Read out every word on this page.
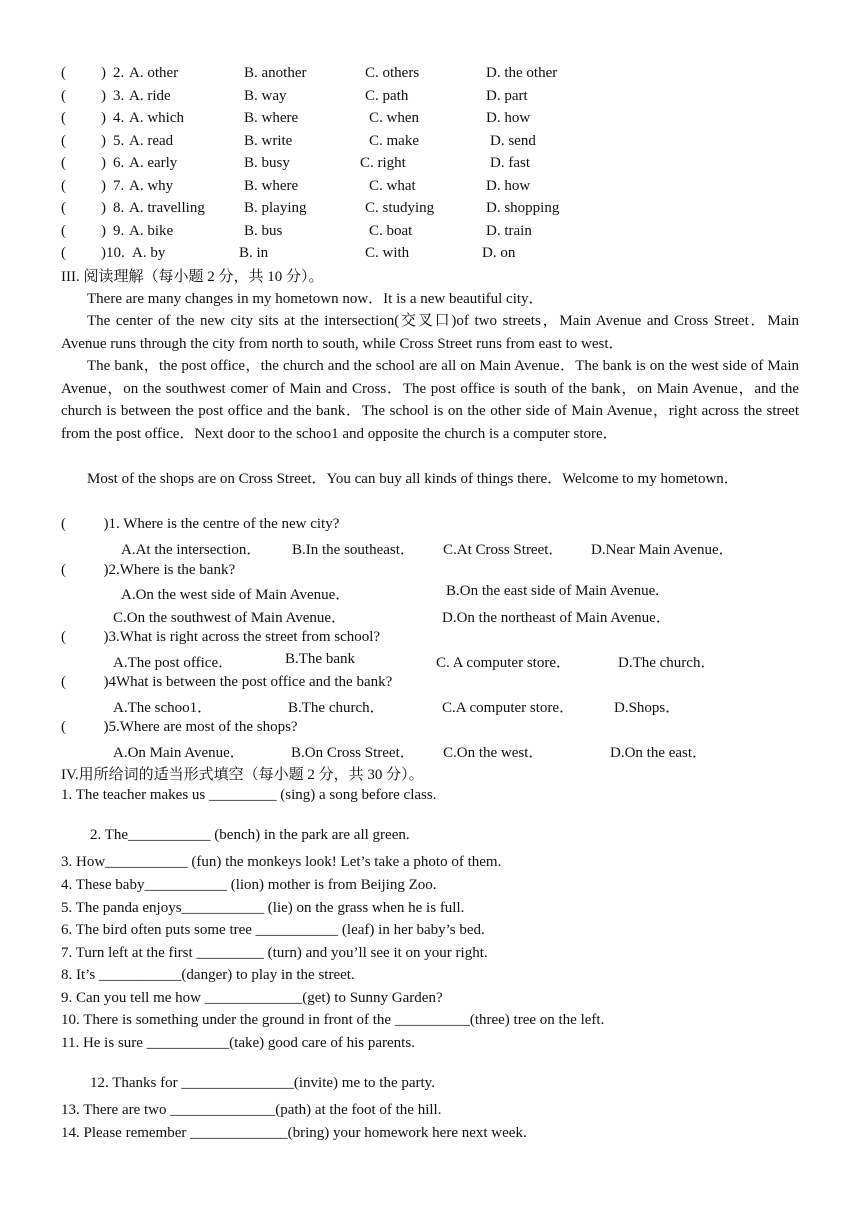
( ) 2. A. other	B. another	C. others	D. the other
( ) 3. A. ride	B. way	C. path	D. part
( ) 4. A. which	B. where	C. when	D. how
( ) 5. A. read	B. write	C. make	D. send
( ) 6. A. early	B. busy	C. right	D. fast
( ) 7. A. why	B. where	C. what	D. how
( ) 8. A. travelling	B. playing	C. studying	D. shopping
( ) 9. A. bike	B. bus	C. boat	D. train
( )10. A. by	B. in	C. with	D. on
III. 阅读理解（每小题 2 分，共 10 分）。
There are many changes in my hometown now．It is a new beautiful city．
The center of the new city sits at the intersection(交叉口)of two streets，Main Avenue and Cross Street．Main Avenue runs through the city from north to south, while Cross Street runs from east to west．
The bank，the post office，the church and the school are all on Main Avenue．The bank is on the west side of Main Avenue，on the southwest comer of Main and Cross．The post office is south of the bank，on Main Avenue，and the church is between the post office and the bank．The school is on the other side of Main Avenue，right across the street from the post office．Next door to the schoo1 and opposite the church is a computer store．
Most of the shops are on Cross Street．You can buy all kinds of things there．Welcome to my hometown．
(          )1. Where is the centre of the new city?
A.At the intersection． B.In the southeast． C.At Cross Street． D.Near Main Avenue．
(          )2.Where is the bank?
A.On the west side of Main Avenue．	B.On the east side of Main Avenue.
C.On the southwest of Main Avenue．	D.On the northeast of Main Avenue．
(          )3.What is right across the street from school?
A.The post office．	B.The bank	C. A computer store．	D.The church．
(          )4What is between the post office and the bank?
A.The schoo1．	B.The church．	C.A computer store．	D.Shops．
(          )5.Where are most of the shops?
A.On Main Avenue．	B.On Cross Street． C.On the west．	D.On the east．
IV.用所给词的适当形式填空（每小题 2 分，共 30 分）。
1. The teacher makes us _________ (sing) a song before class.
2. The___________ (bench) in the park are all green.
3. How___________ (fun) the monkeys look! Let’s take a photo of them.
4. These baby___________ (lion) mother is from Beijing Zoo.
5. The panda enjoys___________ (lie) on the grass when he is full.
6. The bird often puts some tree ___________ (leaf) in her baby’s bed.
7. Turn left at the first _________ (turn) and you’ll see it on your right.
8. It’s ___________(danger) to play in the street.
9. Can you tell me how _____________(get) to Sunny Garden?
10. There is something under the ground in front of the __________(three) tree on the left.
11. He is sure ___________(take) good care of his parents.
12. Thanks for _______________(invite) me to the party.
13. There are two ______________(path) at the foot of the hill.
14. Please remember _____________(bring) your homework here next week.
